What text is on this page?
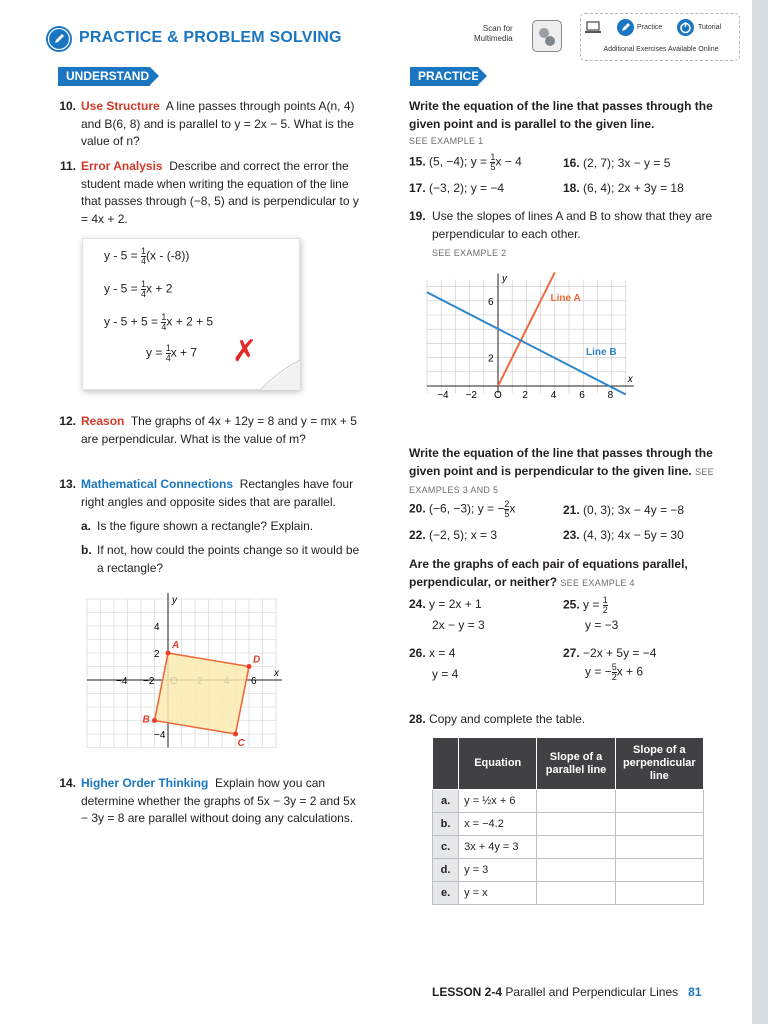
PRACTICE & PROBLEM SOLVING
Scan for
Multimedia
Practice	Tutorial
Additional Exercises Available Online
UNDERSTAND
10. Use Structure A line passes through points A(n, 4) and B(6, 8) and is parallel to y = 2x − 5. What is the value of n?
11. Error Analysis Describe and correct the error the student made when writing the equation of the line that passes through (−8, 5) and is perpendicular to y = 4x + 2.
$y - 5 = \frac{1}{4} (x - (-8))$
$y - 5 = \frac{1}{4}$ x + 2
$y - 5 + 5 = \frac{1}{4}$ x + 2 + 5
$y = \frac{1}{4}$ x + 7 ✗
12. Reason The graphs of 4x + 12y = 8 and y = mx + 5 are perpendicular. What is the value of m?
13. Mathematical Connections Rectangles have four right angles and opposite sides that are parallel.
a. Is the figure shown a rectangle? Explain.
b. If not, how could the points change so it would be a rectangle?
x
y
−4 −2	6
4
2
−4
A
D
C
B
14. Higher Order Thinking Explain how you can determine whether the graphs of 5x − 3y = 2 and 5x − 3y = 8 are parallel without doing any calculations.
PRACTICE
Write the equation of the line that passes through the given point and is parallel to the given line.
SEE EXAMPLE 1
15. (5, −4); $y = \frac{1}{5}$ x − 4	16. (2, 7); 3x − y = 5
17. (−3, 2); y = −4	18. (6, 4); 2x + 3y = 18
19. Use the slopes of lines A and B to show that they are perpendicular to each other.
SEE EXAMPLE 2
x
y
−4 −2 O 2 4 6 8
2
6	Line A
Line B
Write the equation of the line that passes through the given point and is perpendicular to the given line. SEE EXAMPLES 3 AND 5
20. (−6, −3); y = − $\frac{2}{5}$ x	21. (0, 3); 3x − 4y = −8
22. (−2, 5); x = 3	23. (4, 3); 4x − 5y = 30
Are the graphs of each pair of equations parallel, perpendicular, or neither? SEE EXAMPLE 4
24. y = 2x + 1
2x − y = 3
25. $y = \frac{1}{2}$
y = −3
26. x = 4
y = 4
27. −2x + 5y = −4
y = − $\frac{5}{2}$ x + 6
28. Copy and complete the table.
	Equation	Slope of a parallel line	Slope of a perpendicular line
a.	y = ½x + 6		
b.	x = −4.2		
c.	3x + 4y = 3		
d.	y = 3		
e.	y = x		
LESSON 2-4 Parallel and Perpendicular Lines 81
